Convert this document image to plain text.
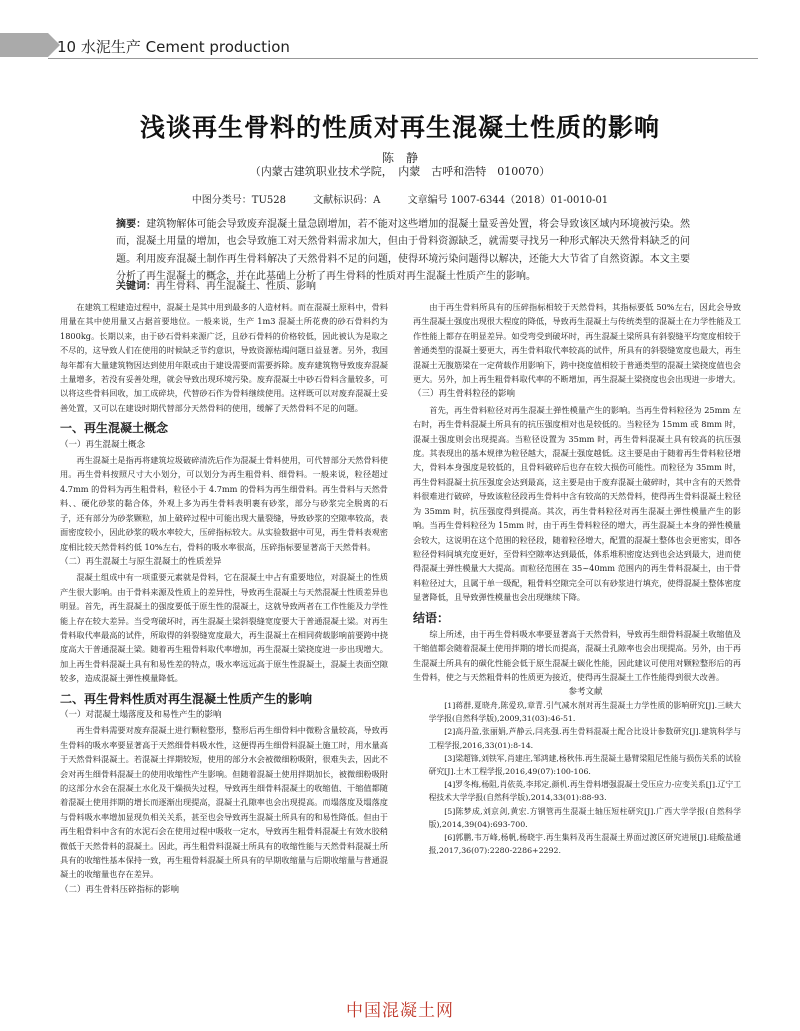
10 水泥生产 Cement production
浅谈再生骨料的性质对再生混凝土性质的影响
陈　静
（内蒙古建筑职业技术学院，　内蒙　古呼和浩特　010070）
中图分类号：TU528	文献标识码：A	文章编号 1007-6344（2018）01-0010-01
摘要：建筑物解体可能会导致废弃混凝土量急剧增加，若不能对这些增加的混凝土量妥善处置，将会导致该区域内环境被污染。然而，混凝土用量的增加，也会导致施工对天然骨料需求加大，但由于骨料资源缺乏，就需要寻找另一种形式解决天然骨料缺乏的问题。利用废弃混凝土制作再生骨料解决了天然骨料不足的问题，使得环境污染问题得以解决，还能大大节省了自然资源。本文主要分析了再生混凝土的概念，并在此基础上分析了再生骨料的性质对再生混凝土性质产生的影响。
关键词：再生骨料、再生混凝土、性质、影响

在建筑工程建造过程中，混凝土是其中用到最多的人造材料。而在混凝土原料中，骨料用量在其中使用量又占据首要地位。一般来说，生产 1m3 混凝土所花费的砂石骨料约为 1800kg。长期以来，由于砂石骨料来源广泛，且砂石骨料的价格较低，因此被认为是取之不尽的，这导致人们在使用的时候缺乏节约意识，导致资源枯竭问题日益显著。另外，我国每年都有大量建筑物因达到使用年限或由于建设需要而需要拆除。废弃建筑物导致废弃混凝土量增多，若没有妥善处理，就会导致出现环境污染。废弃混凝土中砂石骨料含量较多，可以将这些骨料回收，加工成碎块，代替砂石作为骨料继续使用。这样既可以对废弃混凝土妥善处置，又可以在建设时期代替部分天然骨料的使用，缓解了天然骨料不足的问题。

一、再生混凝土概念

（一）再生混凝土概念

再生混凝土是指再将建筑垃圾破碎清洗后作为混凝土骨料使用，可代替部分天然骨料使用。再生骨料按照尺寸大小划分，可以划分为再生粗骨料、细骨料。一般来说，粒径超过 4.7mm 的骨料为再生粗骨料，粒径小于 4.7mm 的骨料为再生细骨料。再生骨料与天然骨料、、硬化砂浆的黏合体，外观上多为再生骨料表明裹有砂浆，部分与砂浆完全脱离的石子，还有部分为砂浆颗粒，加上破碎过程中可能出现大量裂缝，导致砂浆的空隙率较高，表面密度较小，因此砂浆的吸水率较大，压碎指标较大。从实验数据中可见，再生骨料表观密度相比较天然骨料约低 10%左右，骨料的吸水率很高，压碎指标要显著高于天然骨料。

（二）再生混凝土与原生混凝土的性质差异

混凝土组成中有一项重要元素就是骨料，它在混凝土中占有重要地位，对混凝土的性质产生很大影响。由于骨料来源及性质上的差异性，导致再生混凝土与天然混凝土性质差异也明显。首先，再生混凝土的强度要低于原生性的混凝土，这就导致两者在工作性能及力学性能上存在较大差异。当受弯破坏时，再生混凝土梁斜裂缝宽度要大于普通混凝土梁。对再生骨料取代率最高的试件，所取得的斜裂缝宽度最大，再生混凝土在相同荷载影响前要跨中挠度高大于普通混凝土梁。随着再生粗骨料取代率增加，再生混凝土梁挠度进一步出现增大。加上再生骨料混凝土具有和易性差的特点，吸水率远远高于原生性混凝土，混凝土表面空隙较多，造成混凝土弹性模量降低。

二、再生骨料性质对再生混凝土性质产生的影响

（一）对混凝土塌落度及和易性产生的影响

再生骨料需要对废弃混凝土进行颗粒整形，整形后再生细骨料中微粉含量较高，导致再生骨料的吸水率要显著高于天然细骨料吸水性，这便得再生细骨料混凝土施工时，用水量高于天然骨料混凝土。若混凝土拌期较短，使用的部分水会被微细粉吸附，很难失去，因此不会对再生细骨料混凝土的使用收缩性产生影响。但随着混凝土使用拌期加长，被微细粉吸附的这部分水会在混凝土水化及干燥损失过程，导致再生细骨料混凝土的收缩值、干缩值都随着混凝土使用拌期的增长而逐渐出现提高，混凝土孔隙率也会出现提高。而塌落度及塌落度与骨料吸水率增加显现负相关关系，甚至也会导致再生混凝土所具有的和易性降低。但由于再生粗骨料中含有的水泥石会在使用过程中吸收一定水，导致再生粗骨料混凝土有效水胶稍微低于天然骨料的混凝土。因此，再生粗骨料混凝土所具有的收缩性能与天然骨料混凝土所具有的收缩性基本保持一致，再生粗骨料混凝土所具有的早期收缩量与后期收缩量与普通混凝土的收缩量也存在差异。

（二）再生骨料压碎指标的影响

由于再生骨料所具有的压碎指标相较于天然骨料，其指标要低 50%左右，因此会导致再生混凝土强度出现很大程度的降低，导致再生混凝土与传统类型的混凝土在力学性能及工作性能上都存在明显差异。如受弯受到破坏时，再生混凝土梁所具有斜裂缝平均宽度相较于普通类型的混凝土要更大，再生骨料取代率较高的试件，所具有的斜裂缝宽度也最大，再生混凝土无腹筋梁在一定荷载作用影响下，跨中挠度值相较于普通类型的混凝土梁挠度值也会更大。另外，加上再生粗骨料取代率的不断增加，再生混凝土梁挠度也会出现进一步增大。

（三）再生骨料粒径的影响

首先，再生骨料粒径对再生混凝土弹性模量产生的影响。当再生骨料粒径为 25mm 左右时，再生骨料混凝土所具有的抗压强度相对也是较低的。当粒径为 15mm 或 8mm 时，混凝土强度则会出现提高。当粒径设置为 35mm 时，再生骨料混凝土具有较高的抗压强度。其表现出的基本规律为粒径越大，混凝土强度越低。这主要是由于随着再生骨料粒径增大，骨料本身强度是较低的，且骨料破碎后也存在较大损伤可能性。而粒径为 35mm 时，再生骨料混凝土抗压强度会达到最高，这主要是由于废弃混凝土破碎时，其中含有的天然骨料很难进行破碎，导致该粒径段再生骨料中含有较高的天然骨料，使得再生骨料混凝土粒径为 35mm 时，抗压强度得到提高。其次，再生骨料粒径对再生混凝土弹性模量产生的影响。当再生骨料粒径为 15mm 时，由于再生骨料粒径的增大，再生混凝土本身的弹性模量会较大，这说明在这个范围的粒径段，随着粒径增大，配置的混凝土整体也会更密实，即各粒径骨料间填充度更好，至骨料空隙率达到最低，体系堆积密度达到也会达到最大，进而使得混凝土弹性模量大大提高。而粒径范围在 35~40mm 范围内的再生骨料混凝土，由于骨料粒径过大，且属于单一级配，粗骨料空隙完全可以有砂浆进行填充，使得混凝土整体密度显著降低，且导致弹性模量也会出现继续下降。

结语：

综上所述，由于再生骨料吸水率要显著高于天然骨料，导致再生细骨料混凝土收缩值及干缩值都会随着混凝土使用拌期的增长而提高，混凝土孔隙率也会出现提高。另外，由于再生混凝土所具有的碳化性能会低于原生混凝土碳化性能，因此建议可使用对颗粒整形后的再生骨料，使之与天然粗骨料的性质更为接近，使得再生混凝土工作性能得到很大改善。

参考文献

[1]蒋群,夏晓舟,陈爱玖,章青.引气减水剂对再生混凝土力学性质的影响研究[J].三峡大学学报(自然科学版),2009,31(03):46-51.

[2]高丹盈,张丽娟,芦静云,闫兆强.再生骨料混凝土配合比设计参数研究[J].建筑科学与工程学报,2016,33(01):8-14.

[3]梁超锋,刘铁军,肖建庄,邹鸿建,杨秋伟.再生混凝土悬臂梁阻尼性能与损伤关系的试验研究[J].土木工程学报,2016,49(07):100-106.

[4]罗冬梅,杨阻,肖依英,李邦定,颜机.再生骨料增强混凝土受压应力-应变关系[J].辽宁工程技术大学学报(自然科学版),2014,33(01):88-93.

[5]陈梦成,刘京剑,黄宏.方钢管再生混凝土轴压短柱研究[J].广西大学学报(自然科学版),2014,39(04):693-700.

[6]郭鹏,韦万峰,杨帆,杨晓宇.再生集料及再生混凝土界面过渡区研究进展[J].硅酸盐通报,2017,36(07):2280-2286+2292.

中国混凝土网
